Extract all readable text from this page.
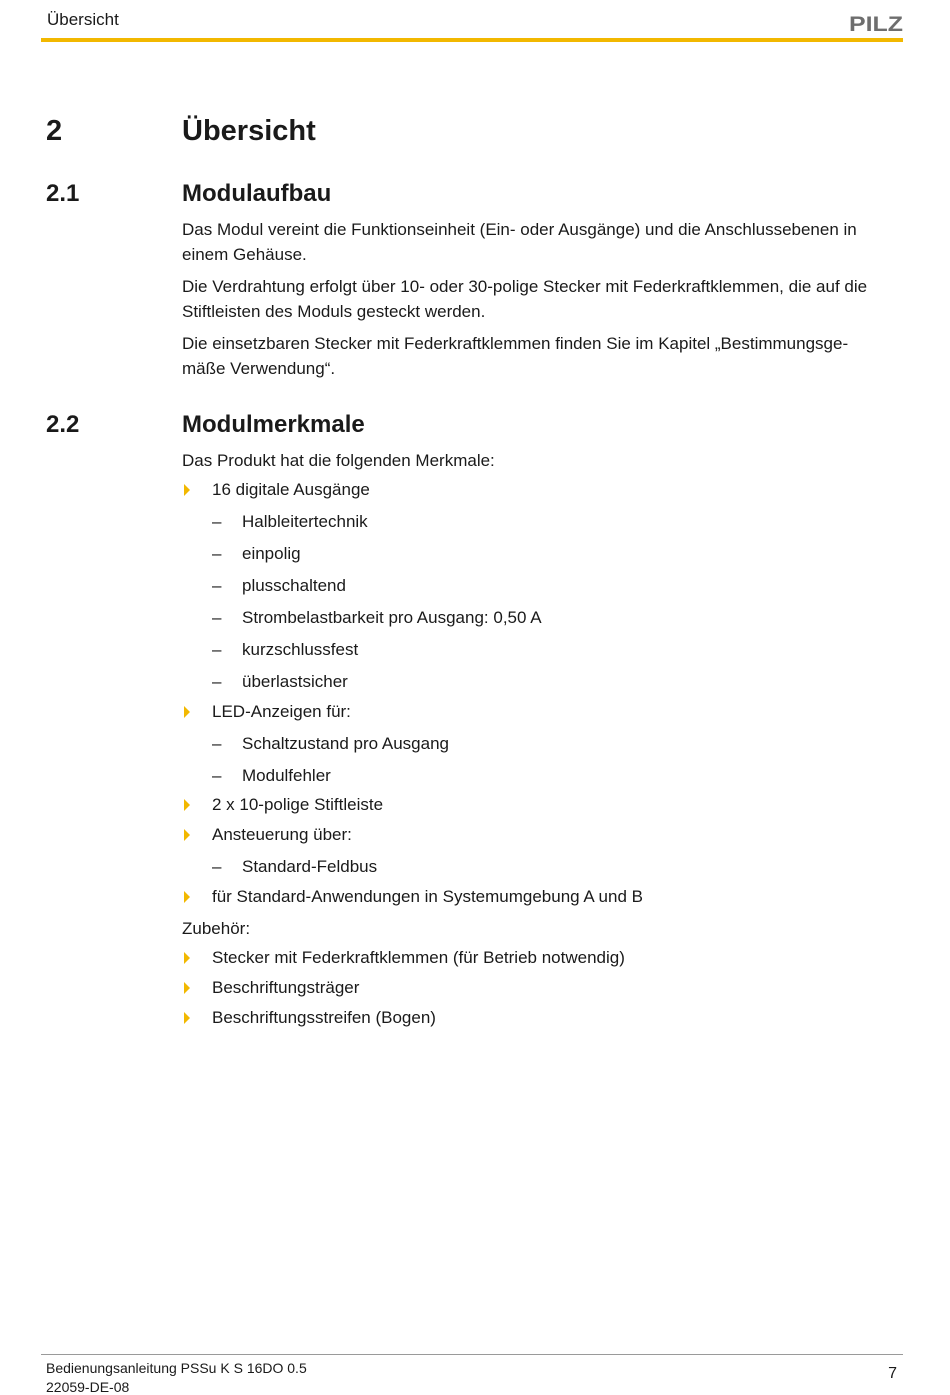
Übersicht	PILZ
2	Übersicht
2.1	Modulaufbau
Das Modul vereint die Funktionseinheit (Ein- oder Ausgänge) und die Anschlussebenen in
einem Gehäuse.
Die Verdrahtung erfolgt über 10- oder 30-polige Stecker mit Federkraftklemmen, die auf die
Stiftleisten des Moduls gesteckt werden.
Die einsetzbaren Stecker mit Federkraftklemmen finden Sie im Kapitel „Bestimmungsge-
mäße Verwendung“.
2.2	Modulmerkmale
Das Produkt hat die folgenden Merkmale:
16 digitale Ausgänge
– Halbleitertechnik
– einpolig
– plusschaltend
– Strombelastbarkeit pro Ausgang: 0,50 A
– kurzschlussfest
– überlastsicher
LED-Anzeigen für:
– Schaltzustand pro Ausgang
– Modulfehler
2 x 10-polige Stiftleiste
Ansteuerung über:
– Standard-Feldbus
für Standard-Anwendungen in Systemumgebung A und B
Zubehör:
Stecker mit Federkraftklemmen (für Betrieb notwendig)
Beschriftungsträger
Beschriftungsstreifen (Bogen)
Bedienungsanleitung PSSu K S 16DO 0.5
22059-DE-08
7
